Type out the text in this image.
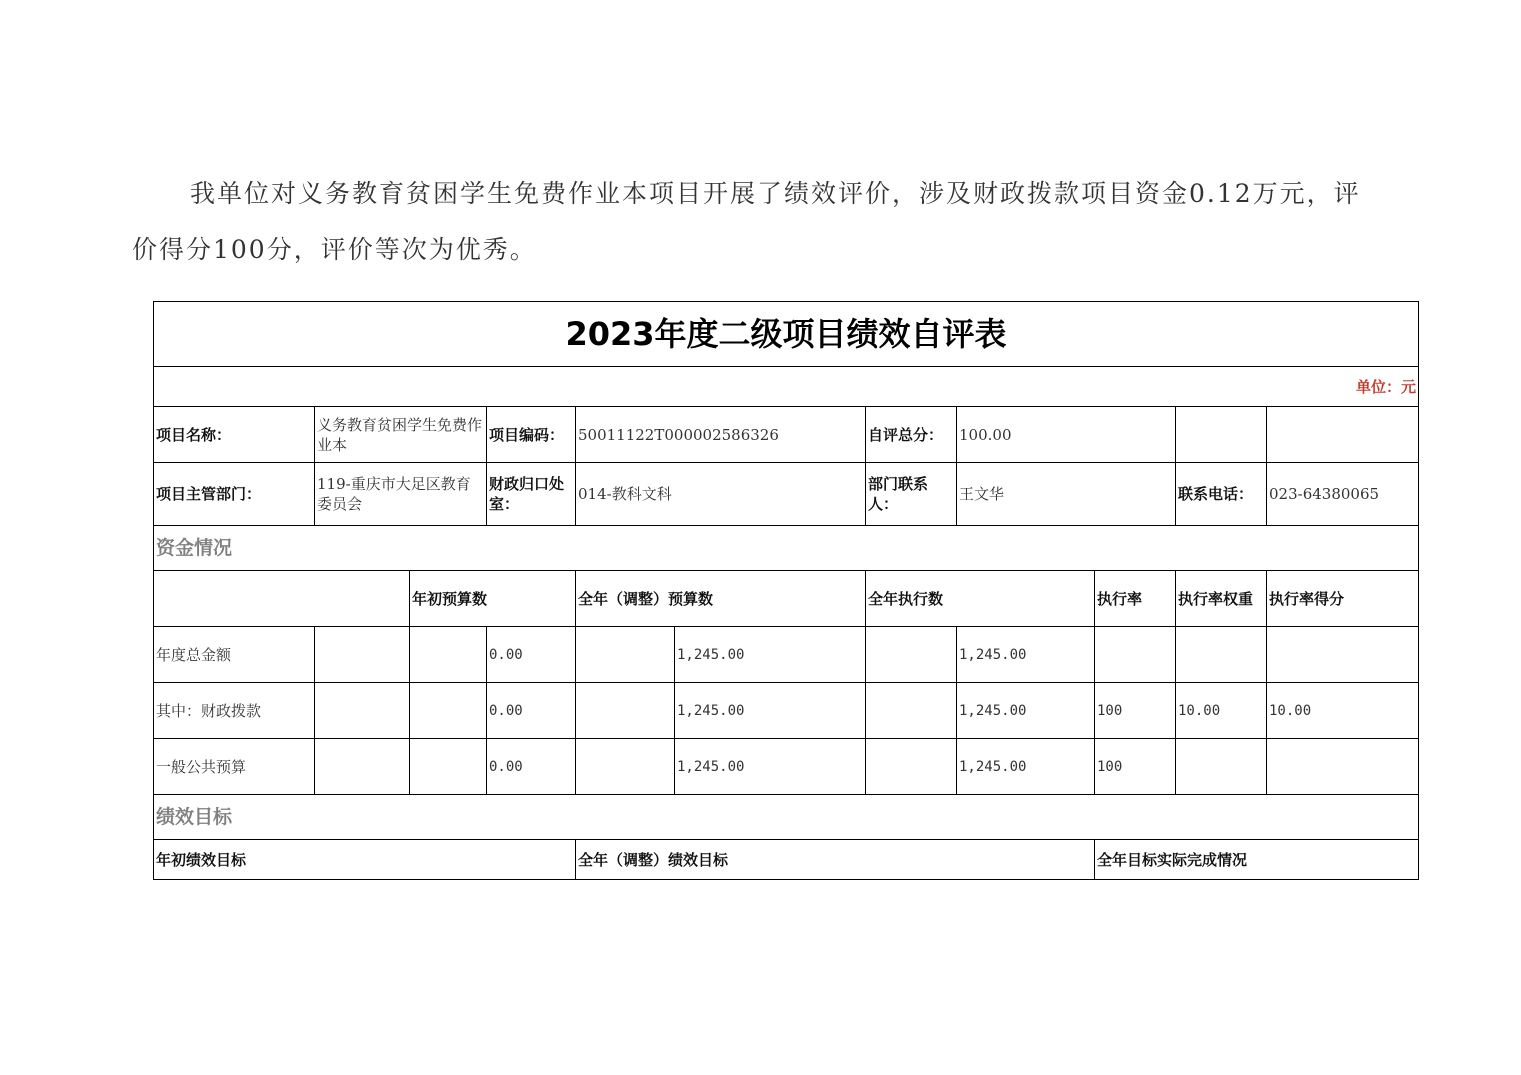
我单位对义务教育贫困学生免费作业本项目开展了绩效评价，涉及财政拨款项目资金0.12万元，评价得分100分，评价等次为优秀。
2023年度二级项目绩效自评表										
单位：元										
项目名称：	义务教育贫困学生免费作业本		项目编码：	50011122T000002586326		自评总分：	100.00			
项目主管部门：	119-重庆市大足区教育委员会		财政归口处室：	014-教科文科		部门联系人：	王文华		联系电话：	023-64380065
资金情况										
		年初预算数		全年（调整）预算数		全年执行数		执行率	执行率权重	执行率得分
年度总金额			0.00		1,245.00		1,245.00			
其中：财政拨款			0.00		1,245.00		1,245.00	100	10.00	10.00
一般公共预算			0.00		1,245.00		1,245.00	100		
绩效目标										
年初绩效目标				全年（调整）绩效目标				全年目标实际完成情况		
